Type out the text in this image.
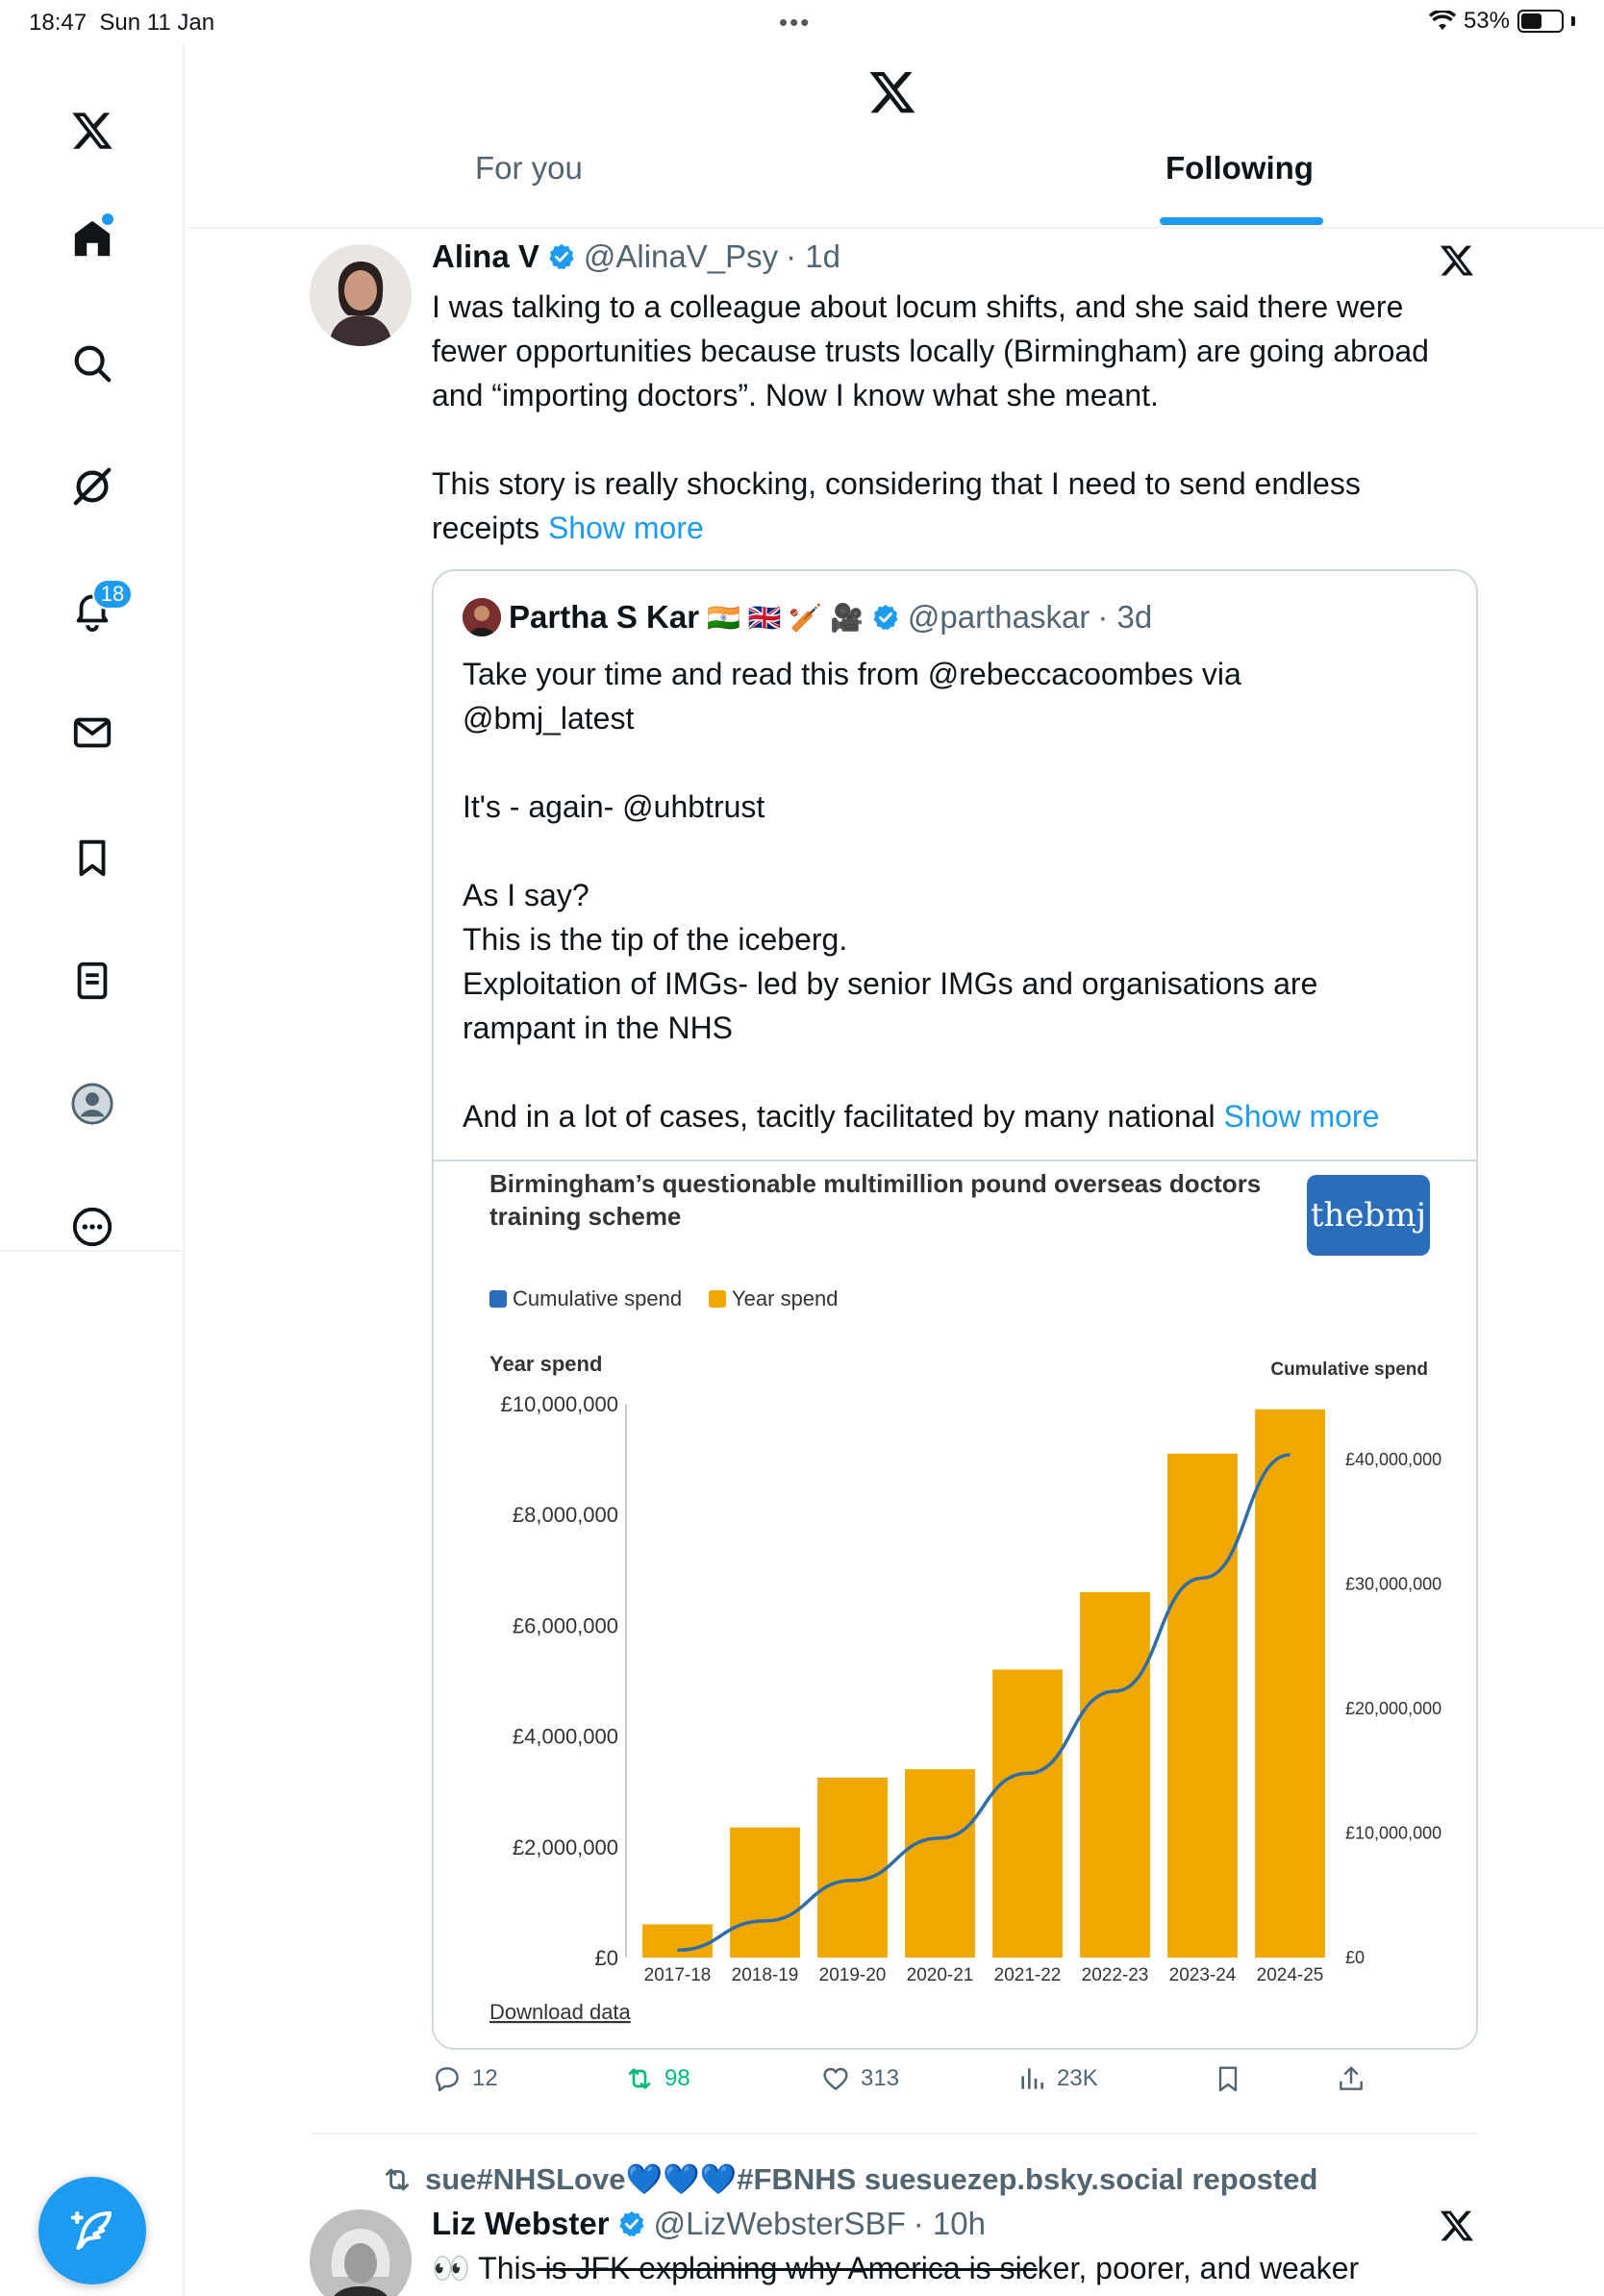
18:47 Sun 11 Jan	•••	53%
18
For you	Following
Alina V @AlinaV_Psy · 1d
I was talking to a colleague about locum shifts, and she said there were fewer opportunities because trusts locally (Birmingham) are going abroad and “importing doctors”. Now I know what she meant.
This story is really shocking, considering that I need to send endless receipts Show more
Partha S Kar 🇮🇳 🇬🇧 🏏 🎥 @parthaskar · 3d
Take your time and read this from @rebeccacoombes via
@bmj_latest
It's - again- @uhbtrust
As I say?
This is the tip of the iceberg.
Exploitation of IMGs- led by senior IMGs and organisations are
rampant in the NHS
And in a lot of cases, tacitly facilitated by many national Show more
thebmj
Birmingham’s questionable multimillion pound overseas doctors
training scheme
Cumulative spend Year spend
Year spend	Cumulative spend
£0
£2,000,000
£4,000,000
£6,000,000
£8,000,000
£10,000,000
£0
£10,000,000
£20,000,000
£30,000,000
£40,000,000
2017-18 2018-19 2019-20 2020-21 2021-22 2022-23 2023-24 2024-25
Download data
12	98	313	23K
sue#NHSLove💙💙💙#FBNHS suesuezep.bsky.social reposted
Liz Webster @LizWebsterSBF · 10h
👀 This is JFK explaining why America is sicker, poorer, and weaker
